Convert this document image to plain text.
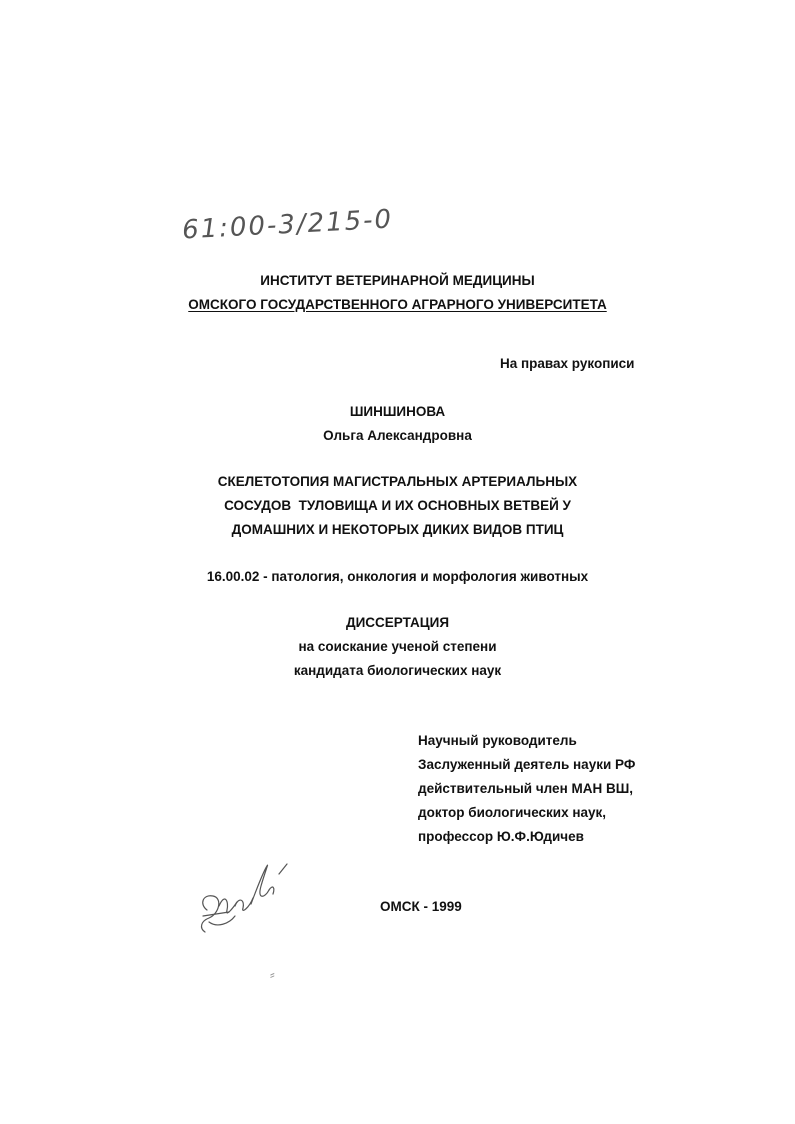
61:00-3/215-0
ИНСТИТУТ ВЕТЕРИНАРНОЙ МЕДИЦИНЫ
ОМСКОГО ГОСУДАРСТВЕННОГО АГРАРНОГО УНИВЕРСИТЕТА
На правах рукописи
ШИНШИНОВА
Ольга Александровна
СКЕЛЕТОТОПИЯ МАГИСТРАЛЬНЫХ АРТЕРИАЛЬНЫХ
СОСУДОВ  ТУЛОВИЩА И ИХ ОСНОВНЫХ ВЕТВЕЙ У
ДОМАШНИХ И НЕКОТОРЫХ ДИКИХ ВИДОВ ПТИЦ
16.00.02 - патология, онкология и морфология животных
ДИССЕРТАЦИЯ
на соискание ученой степени
кандидата биологических наук
Научный руководитель
Заслуженный деятель науки РФ
действительный член МАН ВШ,
доктор биологических наук,
профессор Ю.Ф.Юдичев
ОМСК - 1999
⸗
